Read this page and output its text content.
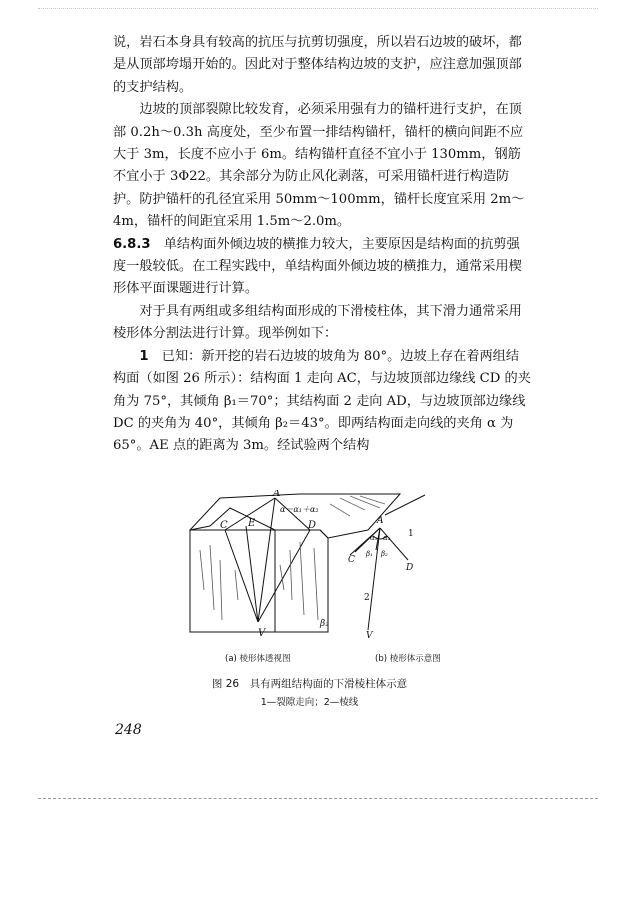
说，岩石本身具有较高的抗压与抗剪切强度，所以岩石边坡的破坏，都是从顶部垮塌开始的。因此对于整体结构边坡的支护，应注意加强顶部的支护结构。

边坡的顶部裂隙比较发育，必须采用强有力的锚杆进行支护，在顶部 0.2h～0.3h 高度处，至少布置一排结构锚杆，锚杆的横向间距不应大于 3m，长度不应小于 6m。结构锚杆直径不宜小于 130mm，钢筋不宜小于 3Φ22。其余部分为防止风化剥落，可采用锚杆进行构造防护。防护锚杆的孔径宜采用 50mm～100mm，锚杆长度宜采用 2m～4m，锚杆的间距宜采用 1.5m～2.0m。

6.8.3　 单结构面外倾边坡的横推力较大，主要原因是结构面的抗剪强度一般较低。在工程实践中，单结构面外倾边坡的横推力，通常采用楔形体平面课题进行计算。

对于具有两组或多组结构面形成的下滑棱柱体，其下滑力通常采用棱形体分割法进行计算。现举例如下：

1　 已知：新开挖的岩石边坡的坡角为 80°。边坡上存在着两组结构面（如图 26 所示）：结构面 1 走向 AC，与边坡顶部边缘线 CD 的夹角为 75°，其倾角 β₁＝70°；其结构面 2 走向 AD，与边坡顶部边缘线 DC 的夹角为 40°，其倾角 β₂＝43°。即两结构面走向线的夹角 α 为 65°。AE 点的距离为 3m。经试验两个结构

A
C E	D
V
α＝α₁＋α₂
β₂
A
α₁ α₂
β₁ β₂
C
D
1
2
V
(a) 棱形体透视图	(b) 棱形体示意图
图 26　具有两组结构面的下滑棱柱体示意
1—裂隙走向；2—棱线
248
